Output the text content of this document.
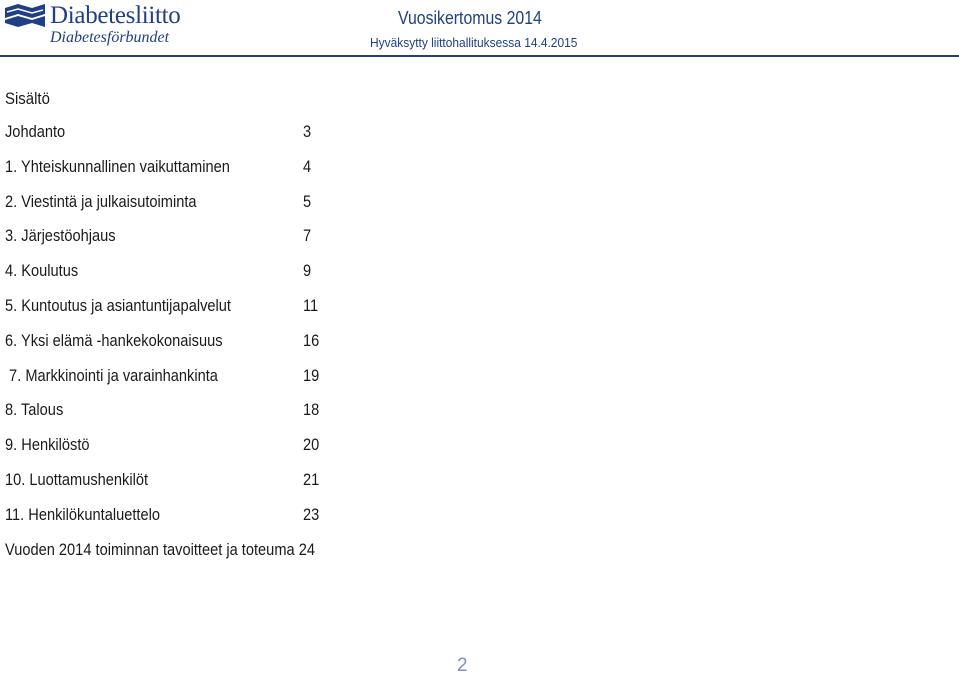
Diabetesliitto
Diabetesförbundet
Vuosikertomus 2014
Hyväksytty liittohallituksessa 14.4.2015
Sisältö
Johdanto	3
1. Yhteiskunnallinen vaikuttaminen	4
2. Viestintä ja julkaisutoiminta	5
3. Järjestöohjaus	7
4. Koulutus	9
5. Kuntoutus ja asiantuntijapalvelut	11
6. Yksi elämä -hankekokonaisuus	16
7. Markkinointi ja varainhankinta	19
8. Talous	18
9. Henkilöstö	20
10. Luottamushenkilöt	21
11. Henkilökuntaluettelo	23
Vuoden 2014 toiminnan tavoitteet ja toteuma 24
2
